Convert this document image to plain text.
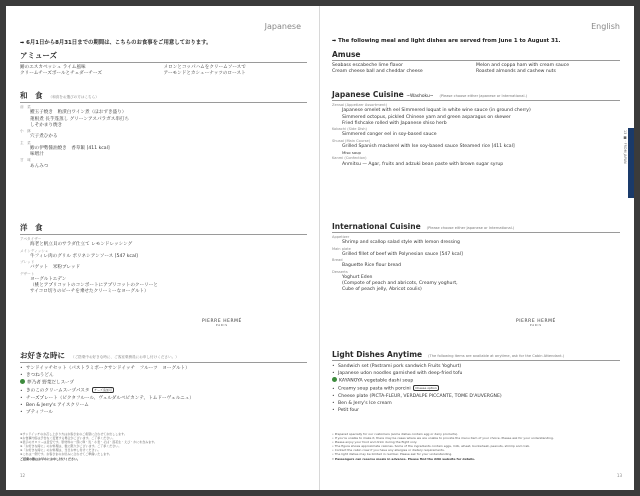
Japanese
➡ 6月1日から8月31日までの期間は、こちらのお食事をご用意しております。
アミューズ
鰆のエスカベッシュ ライム風味
クリームチーズボールとチェダーチーズ
メロンとコッパハムをクリームソースで
アーモンドとカシューナッツのロースト
和　食 （和食をお選びの方はこちら）
前　菜
鱧玉子焼き　粕漬白ワイン煮（ほおずき盛り）
蓮根煮 長芋蓬蒸し グリーンアスパラガス串打ち
しそかまり焼き
小　鉢
穴子煮ひかる
主　菜
鯵の伊勢醤油焼き　香草飯 [411 kcal]
味噌汁
甘　味
あんみつ
洋　食
アペタイザー
海老と帆立貝のサラダ仕立て レモンドレッシング
メインディッシュ
牛フィレ肉のグリル ポリネシアンソース [547 kcal]
ブレッド
バゲット　米粉ブレッド
デザート
ヨーグルトエデン
（桃とアプリコットのコンポートにアプリコットのクーリーと
サイコロ切りのピーチを乗せたクリーミーなヨーグルト）
PIERRE HERMÉ
PARIS
お好きな時に （ご搭乗中お好きな時に、ご客室乗務員にお申し付けください。）
• サンドイッチセット（パストラミポークサンドイッチ　フルーツ　ヨーグルト）
• きつねうどん
夢乃者 野菜だしスープ
• きのこのクリームスープパスタ チーズ追加可
• チーズプレート（ピクタフルール、ヴェルダルペピカンテ、トムドーヴェルニュ）
• Ben & Jerry's アイスクリーム
• プティフール
※サンドイッチのお召し上がり方はお客さまのご希望に合わせてお出しします。
※お食事内容は予告なく変更する場合がございます。ご了承ください。
※表示のカロリーは目安です。原材料の一部に卵・乳・小麦・そば・落花生・えび・かにを含みます。
※「お好きな時に」のお料理は、数に限りがございます。ご了承ください。
※「お好きな時に」のお料理は、当日お申し付けください。
※これは一例です。お客さまのお好みに合わせてご準備いたします。
ご搭乗の際はお早めにお申し付けください。
12
English
➡ The following meal and light dishes are served from June 1 to August 31.
Amuse
Seabass escabeche lime flavor
Cream cheese ball and cheddar cheese
Melon and coppa ham with cream sauce
Roasted almonds and cashew nuts
Japanese Cuisine ~Washoku~ (Please choose either Japanese or International.)
Zensai (Appetizer Assortment)
Japanese omelet with eel Simmered loquat in white wine sauce (in ground cherry)
Simmered octopus, pickled Chinese yam and green asparagus on skewer
Fried fishcake rolled with Japanese shiso herb
Kobachi (Side Dish)
Simmered conger eel in soy-based sauce
Shusai (Main Course)
Grilled Spanish mackerel with Ise soy-based sauce Steamed rice [411 kcal]
Miso soup
Kanmi (Confection)
Anmitsu — Agar, fruits and adzuki bean paste with brown sugar syrup
International Cuisine (Please choose either Japanese or International.)
Appetizer
Shrimp and scallop salad style with lemon dressing
Main plate
Grilled fillet of beef with Polynesian sauce [547 kcal]
Bread
Baguette Rice flour bread
Desserts
Yoghurt Eden
(Compote of peach and abricots, Creamy yoghurt,
Cube of peach jelly, Abricot coulis)
PIERRE HERMÉ
PARIS
Light Dishes Anytime (The following items are available at anytime, ask for the Cabin Attendant.)
• Sandwich set (Pastrami pork sandwich Fruits Yoghurt)
• Japanese udon noodles garnished with deep-fried tofu
KAYANOYA vegetable dashi soup
• Creamy soup pasta with porcini Cheese option
• Cheese plate (PICTA-FLEUR, VERDALPE PICCANTE, TOME D'AUVERGNE)
• Ben & Jerry's Ice cream
• Petit four
• Prepared specially for our customers (some dishes contain egg or dairy products).
• If you're unable to make it, there may be cases where we are unable to provide the menu item of your choice. Please ask for your understanding.
• Please enjoy your food and drink during the flight only.
• The figure shows approximate calories. Some of the ingredients contain eggs, milk, wheat, buckwheat, peanuts, shrimp and crab.
• Contact the cabin crew if you have any allergies or dietary requirements.
• The light dishes may be limited in number. Please ask for your understanding.
• Passengers can reserve meals in advance. Please find the ANA website for details.
13
13 ■ · FROM JAPAN
